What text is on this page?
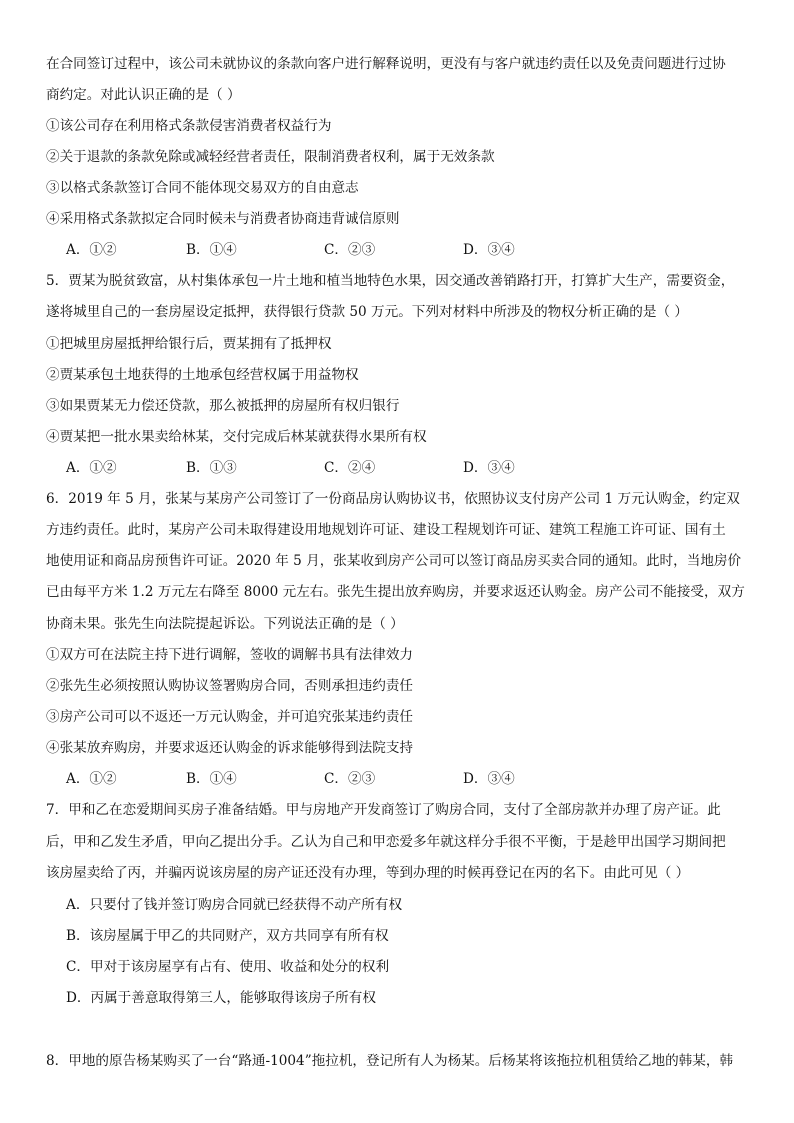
在合同签订过程中，该公司未就协议的条款向客户进行解释说明，更没有与客户就违约责任以及免责问题进行过协
商约定。对此认识正确的是（ ）
①该公司存在利用格式条款侵害消费者权益行为
②关于退款的条款免除或减轻经营者责任，限制消费者权利，属于无效条款
③以格式条款签订合同不能体现交易双方的自由意志
④采用格式条款拟定合同时候未与消费者协商违背诚信原则
A．①②	B．①④	C．②③	D．③④
5．贾某为脱贫致富，从村集体承包一片土地和植当地特色水果，因交通改善销路打开，打算扩大生产，需要资金，
遂将城里自己的一套房屋设定抵押，获得银行贷款 50 万元。下列对材料中所涉及的物权分析正确的是（ ）
①把城里房屋抵押给银行后，贾某拥有了抵押权
②贾某承包土地获得的土地承包经营权属于用益物权
③如果贾某无力偿还贷款，那么被抵押的房屋所有权归银行
④贾某把一批水果卖给林某，交付完成后林某就获得水果所有权
A．①②	B．①③	C．②④	D．③④
6．2019 年 5 月，张某与某房产公司签订了一份商品房认购协议书，依照协议支付房产公司 1 万元认购金，约定双
方违约责任。此时，某房产公司未取得建设用地规划许可证、建设工程规划许可证、建筑工程施工许可证、国有土
地使用证和商品房预售许可证。2020 年 5 月，张某收到房产公司可以签订商品房买卖合同的通知。此时，当地房价
已由每平方米 1.2 万元左右降至 8000 元左右。张先生提出放弃购房，并要求返还认购金。房产公司不能接受，双方
协商未果。张先生向法院提起诉讼。下列说法正确的是（ ）
①双方可在法院主持下进行调解，签收的调解书具有法律效力
②张先生必须按照认购协议签署购房合同，否则承担违约责任
③房产公司可以不返还一万元认购金，并可追究张某违约责任
④张某放弃购房，并要求返还认购金的诉求能够得到法院支持
A．①②	B．①④	C．②③	D．③④
7．甲和乙在恋爱期间买房子准备结婚。甲与房地产开发商签订了购房合同，支付了全部房款并办理了房产证。此
后，甲和乙发生矛盾，甲向乙提出分手。乙认为自己和甲恋爱多年就这样分手很不平衡，于是趁甲出国学习期间把
该房屋卖给了丙，并骗丙说该房屋的房产证还没有办理，等到办理的时候再登记在丙的名下。由此可见（ ）
A．只要付了钱并签订购房合同就已经获得不动产所有权
B．该房屋属于甲乙的共同财产，双方共同享有所有权
C．甲对于该房屋享有占有、使用、收益和处分的权利
D．丙属于善意取得第三人，能够取得该房子所有权
8．甲地的原告杨某购买了一台“路通-1004”拖拉机，登记所有人为杨某。后杨某将该拖拉机租赁给乙地的韩某，韩
